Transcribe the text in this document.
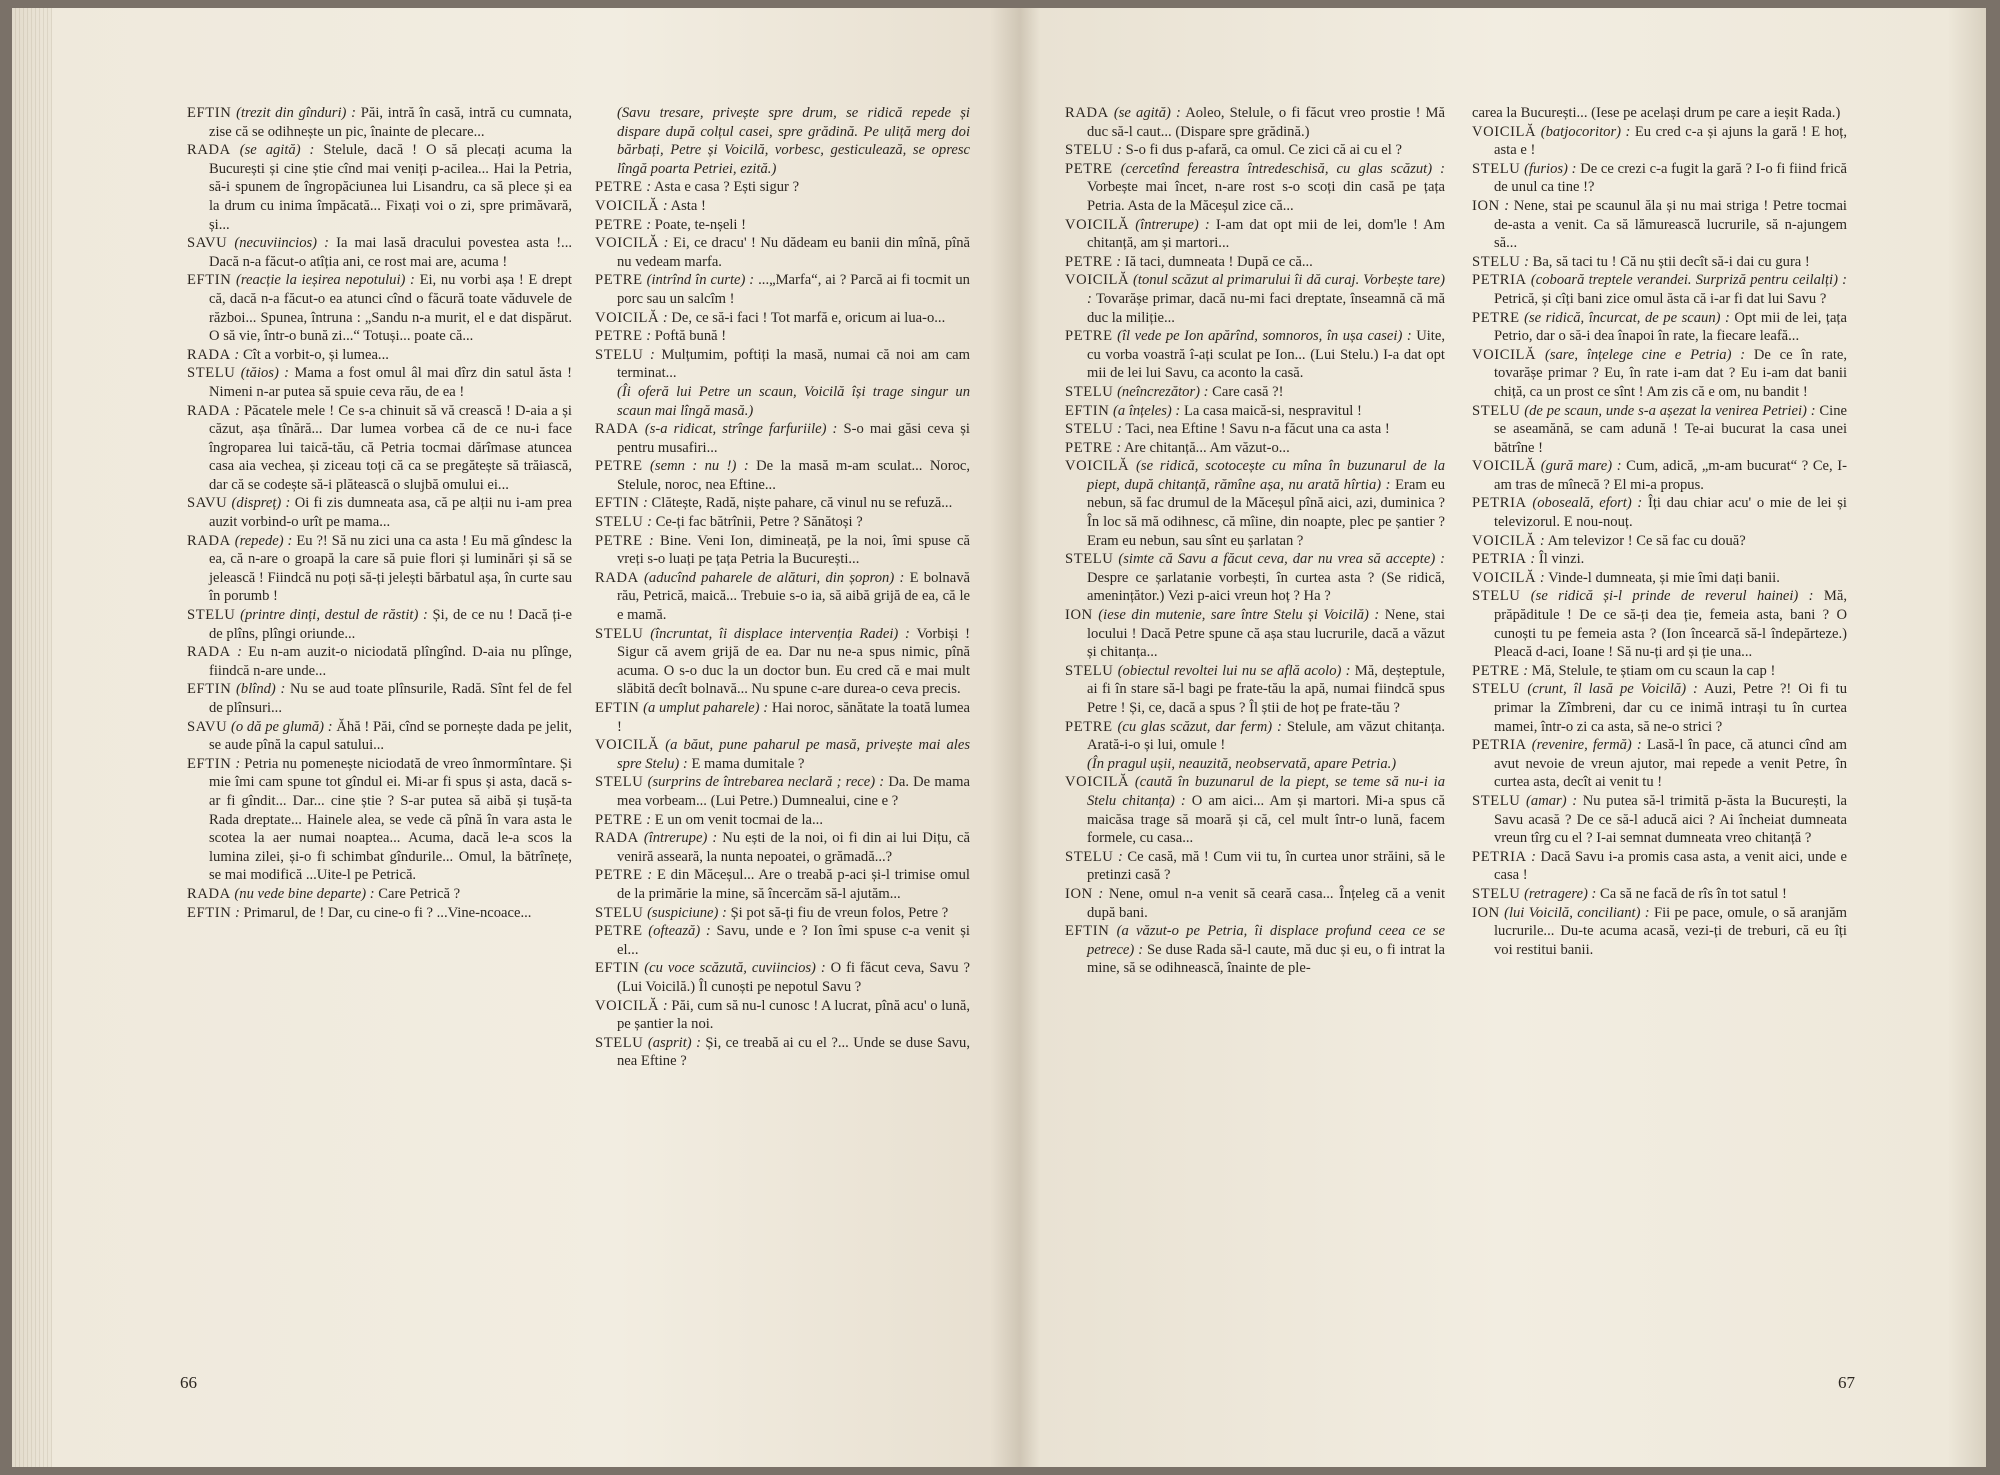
EFTIN (trezit din gînduri) : Păi, intră în casă, intră cu cumnata, zise că se odihnește un pic, înainte de plecare...

RADA (se agită) : Stelule, dacă ! O să plecați acuma la București și cine știe cînd mai veniți p-acilea... Hai la Petria, să-i spunem de îngropăciunea lui Lisandru, ca să plece și ea la drum cu inima împăcată... Fixați voi o zi, spre primăvară, și...

SAVU (necuviincios) : Ia mai lasă dracului povestea asta !... Dacă n-a făcut-o atîția ani, ce rost mai are, acuma !

EFTIN (reacție la ieșirea nepotului) : Ei, nu vorbi așa ! E drept că, dacă n-a făcut-o ea atunci cînd o făcură toate văduvele de război... Spunea, întruna : „Sandu n-a murit, el e dat dispărut. O să vie, într-o bună zi...“ Totuși... poate că...

RADA : Cît a vorbit-o, și lumea...

STELU (tăios) : Mama a fost omul âl mai dîrz din satul ăsta ! Nimeni n-ar putea să spuie ceva rău, de ea !

RADA : Păcatele mele ! Ce s-a chinuit să vă crească ! D-aia a și căzut, așa tînără... Dar lumea vorbea că de ce nu-i face îngroparea lui taică-tău, că Petria tocmai dărîmase atuncea casa aia vechea, și ziceau toți că ca se pregătește să trăiască, dar că se codește să-i plătească o slujbă omului ei...

SAVU (dispreț) : Oi fi zis dumneata asa, că pe alții nu i-am prea auzit vorbind-o urît pe mama...

RADA (repede) : Eu ?! Să nu zici una ca asta ! Eu mă gîndesc la ea, că n-are o groapă la care să puie flori și luminări și să se jelească ! Fiindcă nu poți să-ți jelești bărbatul așa, în curte sau în porumb !

STELU (printre dinți, destul de răstit) : Și, de ce nu ! Dacă ți-e de plîns, plîngi oriunde...

RADA : Eu n-am auzit-o niciodată plîngînd. D-aia nu plînge, fiindcă n-are unde...

EFTIN (blînd) : Nu se aud toate plînsurile, Radă. Sînt fel de fel de plînsuri...

SAVU (o dă pe glumă) : Ăhă ! Păi, cînd se pornește dada pe jelit, se aude pînă la capul satului...

EFTIN : Petria nu pomenește niciodată de vreo înmormîntare. Și mie îmi cam spune tot gîndul ei. Mi-ar fi spus și asta, dacă s-ar fi gîndit... Dar... cine știe ? S-ar putea să aibă și tușă-ta Rada dreptate... Hainele alea, se vede că pînă în vara asta le scotea la aer numai noaptea... Acuma, dacă le-a scos la lumina zilei, și-o fi schimbat gîndurile... Omul, la bătrînețe, se mai modifică ...Uite-l pe Petrică.

RADA (nu vede bine departe) : Care Petrică ?

EFTIN : Primarul, de ! Dar, cu cine-o fi ? ...Vine-ncoace...

(Savu tresare, privește spre drum, se ridică repede și dispare după colțul casei, spre grădină. Pe uliță merg doi bărbați, Petre și Voicilă, vorbesc, gesticulează, se opresc lîngă poarta Petriei, ezită.)

PETRE : Asta e casa ? Ești sigur ?

VOICILĂ : Asta !

PETRE : Poate, te-nșeli !

VOICILĂ : Ei, ce dracu' ! Nu dădeam eu banii din mînă, pînă nu vedeam marfa.

PETRE (intrînd în curte) : ...„Marfa“, ai ? Parcă ai fi tocmit un porc sau un salcîm !

VOICILĂ : De, ce să-i faci ! Tot marfă e, oricum ai lua-o...

PETRE : Poftă bună !

STELU : Mulțumim, poftiți la masă, numai că noi am cam terminat...

(Îi oferă lui Petre un scaun, Voicilă își trage singur un scaun mai lîngă masă.)

RADA (s-a ridicat, strînge farfuriile) : S-o mai găsi ceva și pentru musafiri...

PETRE (semn : nu !) : De la masă m-am sculat... Noroc, Stelule, noroc, nea Eftine...

EFTIN : Clătește, Radă, niște pahare, că vinul nu se refuză...

STELU : Ce-ți fac bătrînii, Petre ? Sănătoși ?

PETRE : Bine. Veni Ion, dimineață, pe la noi, îmi spuse că vreți s-o luați pe țața Petria la București...

RADA (aducînd paharele de alături, din șopron) : E bolnavă rău, Petrică, maică... Trebuie s-o ia, să aibă grijă de ea, că le e mamă.

STELU (încruntat, îi displace intervenția Radei) : Vorbiși ! Sigur că avem grijă de ea. Dar nu ne-a spus nimic, pînă acuma. O s-o duc la un doctor bun. Eu cred că e mai mult slăbită decît bolnavă... Nu spune c-are durea-o ceva precis.

EFTIN (a umplut paharele) : Hai noroc, sănătate la toată lumea !

VOICILĂ (a băut, pune paharul pe masă, privește mai ales spre Stelu) : E mama dumitale ?

STELU (surprins de întrebarea neclară ; rece) : Da. De mama mea vorbeam... (Lui Petre.) Dumnealui, cine e ?

PETRE : E un om venit tocmai de la...

RADA (întrerupe) : Nu ești de la noi, oi fi din ai lui Dițu, că veniră asseară, la nunta nepoatei, o grămadă...?

PETRE : E din Măceșul... Are o treabă p-aci și-l trimise omul de la primărie la mine, să încercăm să-l ajutăm...

STELU (suspiciune) : Și pot să-ți fiu de vreun folos, Petre ?

PETRE (oftează) : Savu, unde e ? Ion îmi spuse c-a venit și el...

EFTIN (cu voce scăzută, cuviincios) : O fi făcut ceva, Savu ? (Lui Voicilă.) Îl cunoști pe nepotul Savu ?

VOICILĂ : Păi, cum să nu-l cunosc ! A lucrat, pînă acu' o lună, pe șantier la noi.

STELU (asprit) : Și, ce treabă ai cu el ?... Unde se duse Savu, nea Eftine ?

66

RADA (se agită) : Aoleo, Stelule, o fi făcut vreo prostie ! Mă duc să-l caut... (Dispare spre grădină.)

STELU : S-o fi dus p-afară, ca omul. Ce zici că ai cu el ?

PETRE (cercetînd fereastra întredeschisă, cu glas scăzut) : Vorbește mai încet, n-are rost s-o scoți din casă pe țața Petria. Asta de la Măceșul zice că...

VOICILĂ (întrerupe) : I-am dat opt mii de lei, dom'le ! Am chitanță, am și martori...

PETRE : Iă taci, dumneata ! După ce că...

VOICILĂ (tonul scăzut al primarului îi dă curaj. Vorbește tare) : Tovarășe primar, dacă nu-mi faci dreptate, înseamnă că mă duc la miliție...

PETRE (îl vede pe Ion apărînd, somnoros, în ușa casei) : Uite, cu vorba voastră î-ați sculat pe Ion... (Lui Stelu.) I-a dat opt mii de lei lui Savu, ca aconto la casă.

STELU (neîncrezător) : Care casă ?!

EFTIN (a înțeles) : La casa maică-si, nespravitul !

STELU : Taci, nea Eftine ! Savu n-a făcut una ca asta !

PETRE : Are chitanță... Am văzut-o...

VOICILĂ (se ridică, scotocește cu mîna în buzunarul de la piept, după chitanță, rămîne așa, nu arată hîrtia) : Eram eu nebun, să fac drumul de la Măceșul pînă aici, azi, duminica ? În loc să mă odihnesc, că mîine, din noapte, plec pe șantier ? Eram eu nebun, sau sînt eu șarlatan ?

STELU (simte că Savu a făcut ceva, dar nu vrea să accepte) : Despre ce șarlatanie vorbești, în curtea asta ? (Se ridică, amenințător.) Vezi p-aici vreun hoț ? Ha ?

ION (iese din mutenie, sare între Stelu și Voicilă) : Nene, stai locului ! Dacă Petre spune că așa stau lucrurile, dacă a văzut și chitanța...

STELU (obiectul revoltei lui nu se află acolo) : Mă, deșteptule, ai fi în stare să-l bagi pe frate-tău la apă, numai fiindcă spus Petre ! Și, ce, dacă a spus ? Îl știi de hoț pe frate-tău ?

PETRE (cu glas scăzut, dar ferm) : Stelule, am văzut chitanța. Arată-i-o și lui, omule !

(În pragul ușii, neauzită, neobservată, apare Petria.)

VOICILĂ (caută în buzunarul de la piept, se teme să nu-i ia Stelu chitanța) : O am aici... Am și martori. Mi-a spus că maicăsa trage să moară și că, cel mult într-o lună, facem formele, cu casa...

STELU : Ce casă, mă ! Cum vii tu, în curtea unor străini, să le pretinzi casă ?

ION : Nene, omul n-a venit să ceară casa... Înțeleg că a venit după bani.

EFTIN (a văzut-o pe Petria, îi displace profund ceea ce se petrece) : Se duse Rada să-l caute, mă duc și eu, o fi intrat la mine, să se odihnească, înainte de ple-

carea la București... (Iese pe același drum pe care a ieșit Rada.)

VOICILĂ (batjocoritor) : Eu cred c-a și ajuns la gară ! E hoț, asta e !

STELU (furios) : De ce crezi c-a fugit la gară ? I-o fi fiind frică de unul ca tine !?

ION : Nene, stai pe scaunul ăla și nu mai striga ! Petre tocmai de-asta a venit. Ca să lămurească lucrurile, să n-ajungem să...

STELU : Ba, să taci tu ! Că nu știi decît să-i dai cu gura !

PETRIA (coboară treptele verandei. Surpriză pentru ceilalți) : Petrică, și cîți bani zice omul ăsta că i-ar fi dat lui Savu ?

PETRE (se ridică, încurcat, de pe scaun) : Opt mii de lei, țața Petrio, dar o să-i dea înapoi în rate, la fiecare leafă...

VOICILĂ (sare, înțelege cine e Petria) : De ce în rate, tovarășe primar ? Eu, în rate i-am dat ? Eu i-am dat banii chiță, ca un prost ce sînt ! Am zis că e om, nu bandit !

STELU (de pe scaun, unde s-a așezat la venirea Petriei) : Cine se aseamănă, se cam adună ! Te-ai bucurat la casa unei bătrîne !

VOICILĂ (gură mare) : Cum, adică, „m-am bucurat“ ? Ce, I-am tras de mînecă ? El mi-a propus.

PETRIA (oboseală, efort) : Îți dau chiar acu' o mie de lei și televizorul. E nou-nouț.

VOICILĂ : Am televizor ! Ce să fac cu două?

PETRIA : Îl vinzi.

VOICILĂ : Vinde-l dumneata, și mie îmi dați banii.

STELU (se ridică și-l prinde de reverul hainei) : Mă, prăpăditule ! De ce să-ți dea ție, femeia asta, bani ? O cunoști tu pe femeia asta ? (Ion încearcă să-l îndepărteze.) Pleacă d-aci, Ioane ! Să nu-ți ard și ție una...

PETRE : Mă, Stelule, te știam om cu scaun la cap !

STELU (crunt, îl lasă pe Voicilă) : Auzi, Petre ?! Oi fi tu primar la Zîmbreni, dar cu ce inimă intrași tu în curtea mamei, într-o zi ca asta, să ne-o strici ?

PETRIA (revenire, fermă) : Lasă-l în pace, că atunci cînd am avut nevoie de vreun ajutor, mai repede a venit Petre, în curtea asta, decît ai venit tu !

STELU (amar) : Nu putea să-l trimită p-ăsta la București, la Savu acasă ? De ce să-l aducă aici ? Ai încheiat dumneata vreun tîrg cu el ? I-ai semnat dumneata vreo chitanță ?

PETRIA : Dacă Savu i-a promis casa asta, a venit aici, unde e casa !

STELU (retragere) : Ca să ne facă de rîs în tot satul !

ION (lui Voicilă, conciliant) : Fii pe pace, omule, o să aranjăm lucrurile... Du-te acuma acasă, vezi-ți de treburi, că eu îți voi restitui banii.

67
